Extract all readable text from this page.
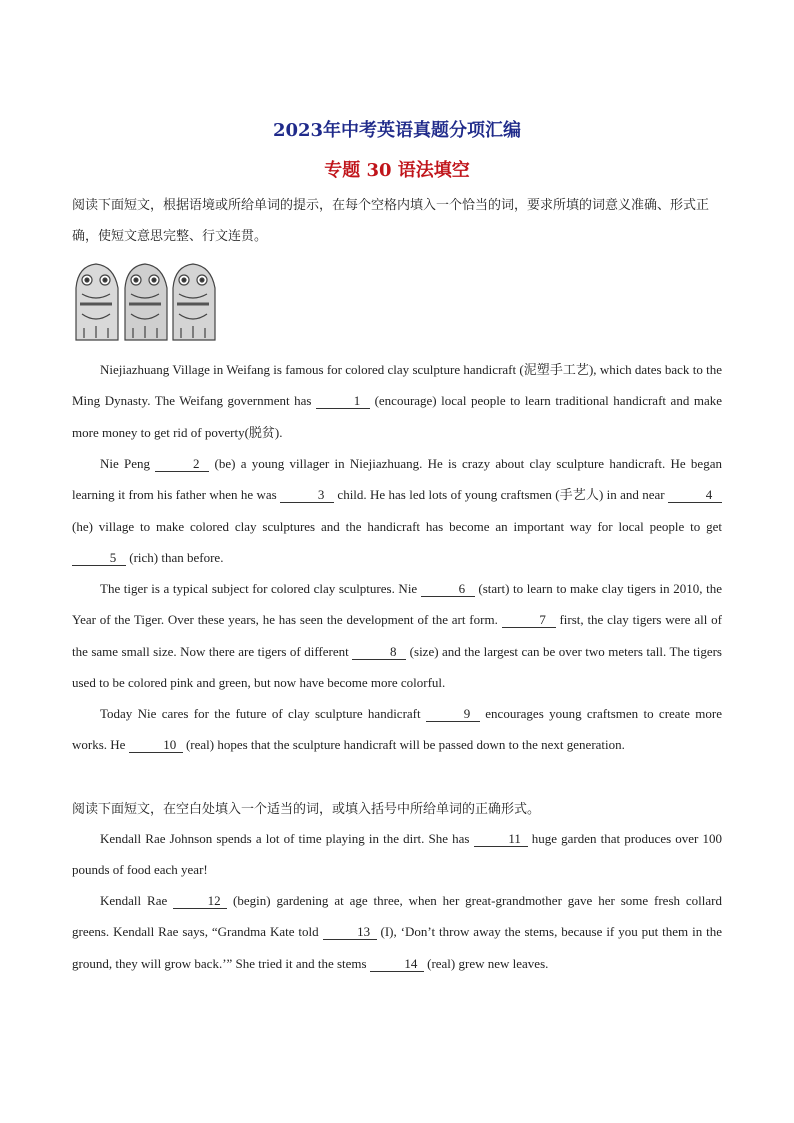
2023年中考英语真题分项汇编
专题 30 语法填空
阅读下面短文，根据语境或所给单词的提示，在每个空格内填入一个恰当的词，要求所填的词意义准确、形式正确，使短文意思完整、行文连贯。
Niejiazhuang Village in Weifang is famous for colored clay sculpture handicraft (泥塑手工艺), which dates back to the Ming Dynasty. The Weifang government has	1 (encourage) local people to learn traditional handicraft and make more money to get rid of poverty(脱贫).
Nie Peng	2 (be) a young villager in Niejiazhuang. He is crazy about clay sculpture handicraft. He began learning it from his father when he was	3 child. He has led lots of young craftsmen (手艺人) in and near	4 (he) village to make colored clay sculptures and the handicraft has become an important way for local people to get 5 (rich) than before.
The tiger is a typical subject for colored clay sculptures. Nie	6 (start) to learn to make clay tigers in 2010, the Year of the Tiger. Over these years, he has seen the development of the art form.	7 first, the clay tigers were all of the same small size. Now there are tigers of different	8 (size) and the largest can be over two meters tall. The tigers used to be colored pink and green, but now have become more colorful.
Today Nie cares for the future of clay sculpture handicraft	9 encourages young craftsmen to create more works. He	10 (real) hopes that the sculpture handicraft will be passed down to the next generation.
阅读下面短文，在空白处填入一个适当的词，或填入括号中所给单词的正确形式。
Kendall Rae Johnson spends a lot of time playing in the dirt. She has	11 huge garden that produces over 100 pounds of food each year!
Kendall Rae	12 (begin) gardening at age three, when her great-grandmother gave her some fresh collard greens. Kendall Rae says, “Grandma Kate told	13 (I), ‘Don’t throw away the stems, because if you put them in the ground, they will grow back.’” She tried it and the stems	14 (real) grew new leaves.
